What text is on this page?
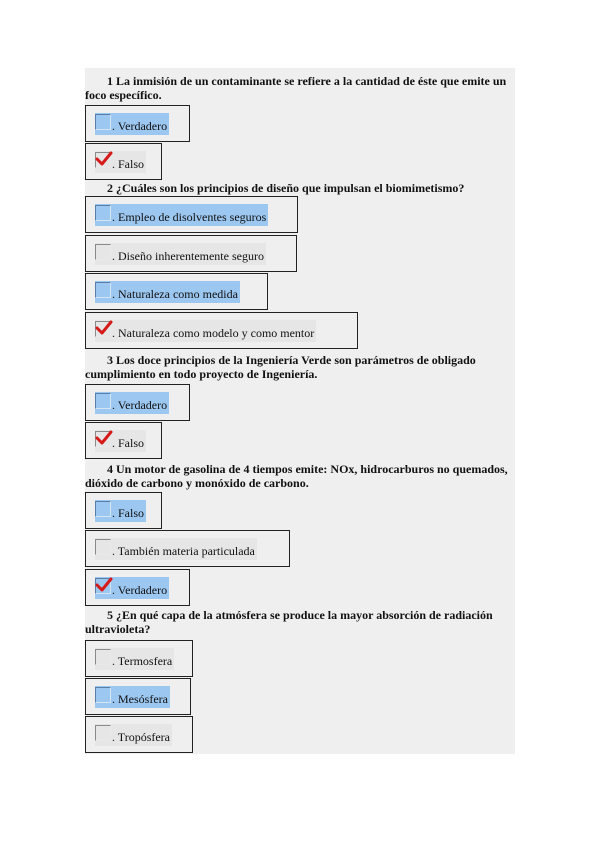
1 La inmisión de un contaminante se refiere a la cantidad de éste que emite un foco específico.
. Verdadero
. Falso
2 ¿Cuáles son los principios de diseño que impulsan el biomimetismo?
. Empleo de disolventes seguros
. Diseño inherentemente seguro
. Naturaleza como medida
. Naturaleza como modelo y como mentor
3 Los doce principios de la Ingeniería Verde son parámetros de obligado cumplimiento en todo proyecto de Ingeniería.
. Verdadero
. Falso
4 Un motor de gasolina de 4 tiempos emite: NOx, hidrocarburos no quemados, dióxido de carbono y monóxido de carbono.
. Falso
. También materia particulada
. Verdadero
5 ¿En qué capa de la atmósfera se produce la mayor absorción de radiación ultravioleta?
. Termosfera
. Mesósfera
. Tropósfera
